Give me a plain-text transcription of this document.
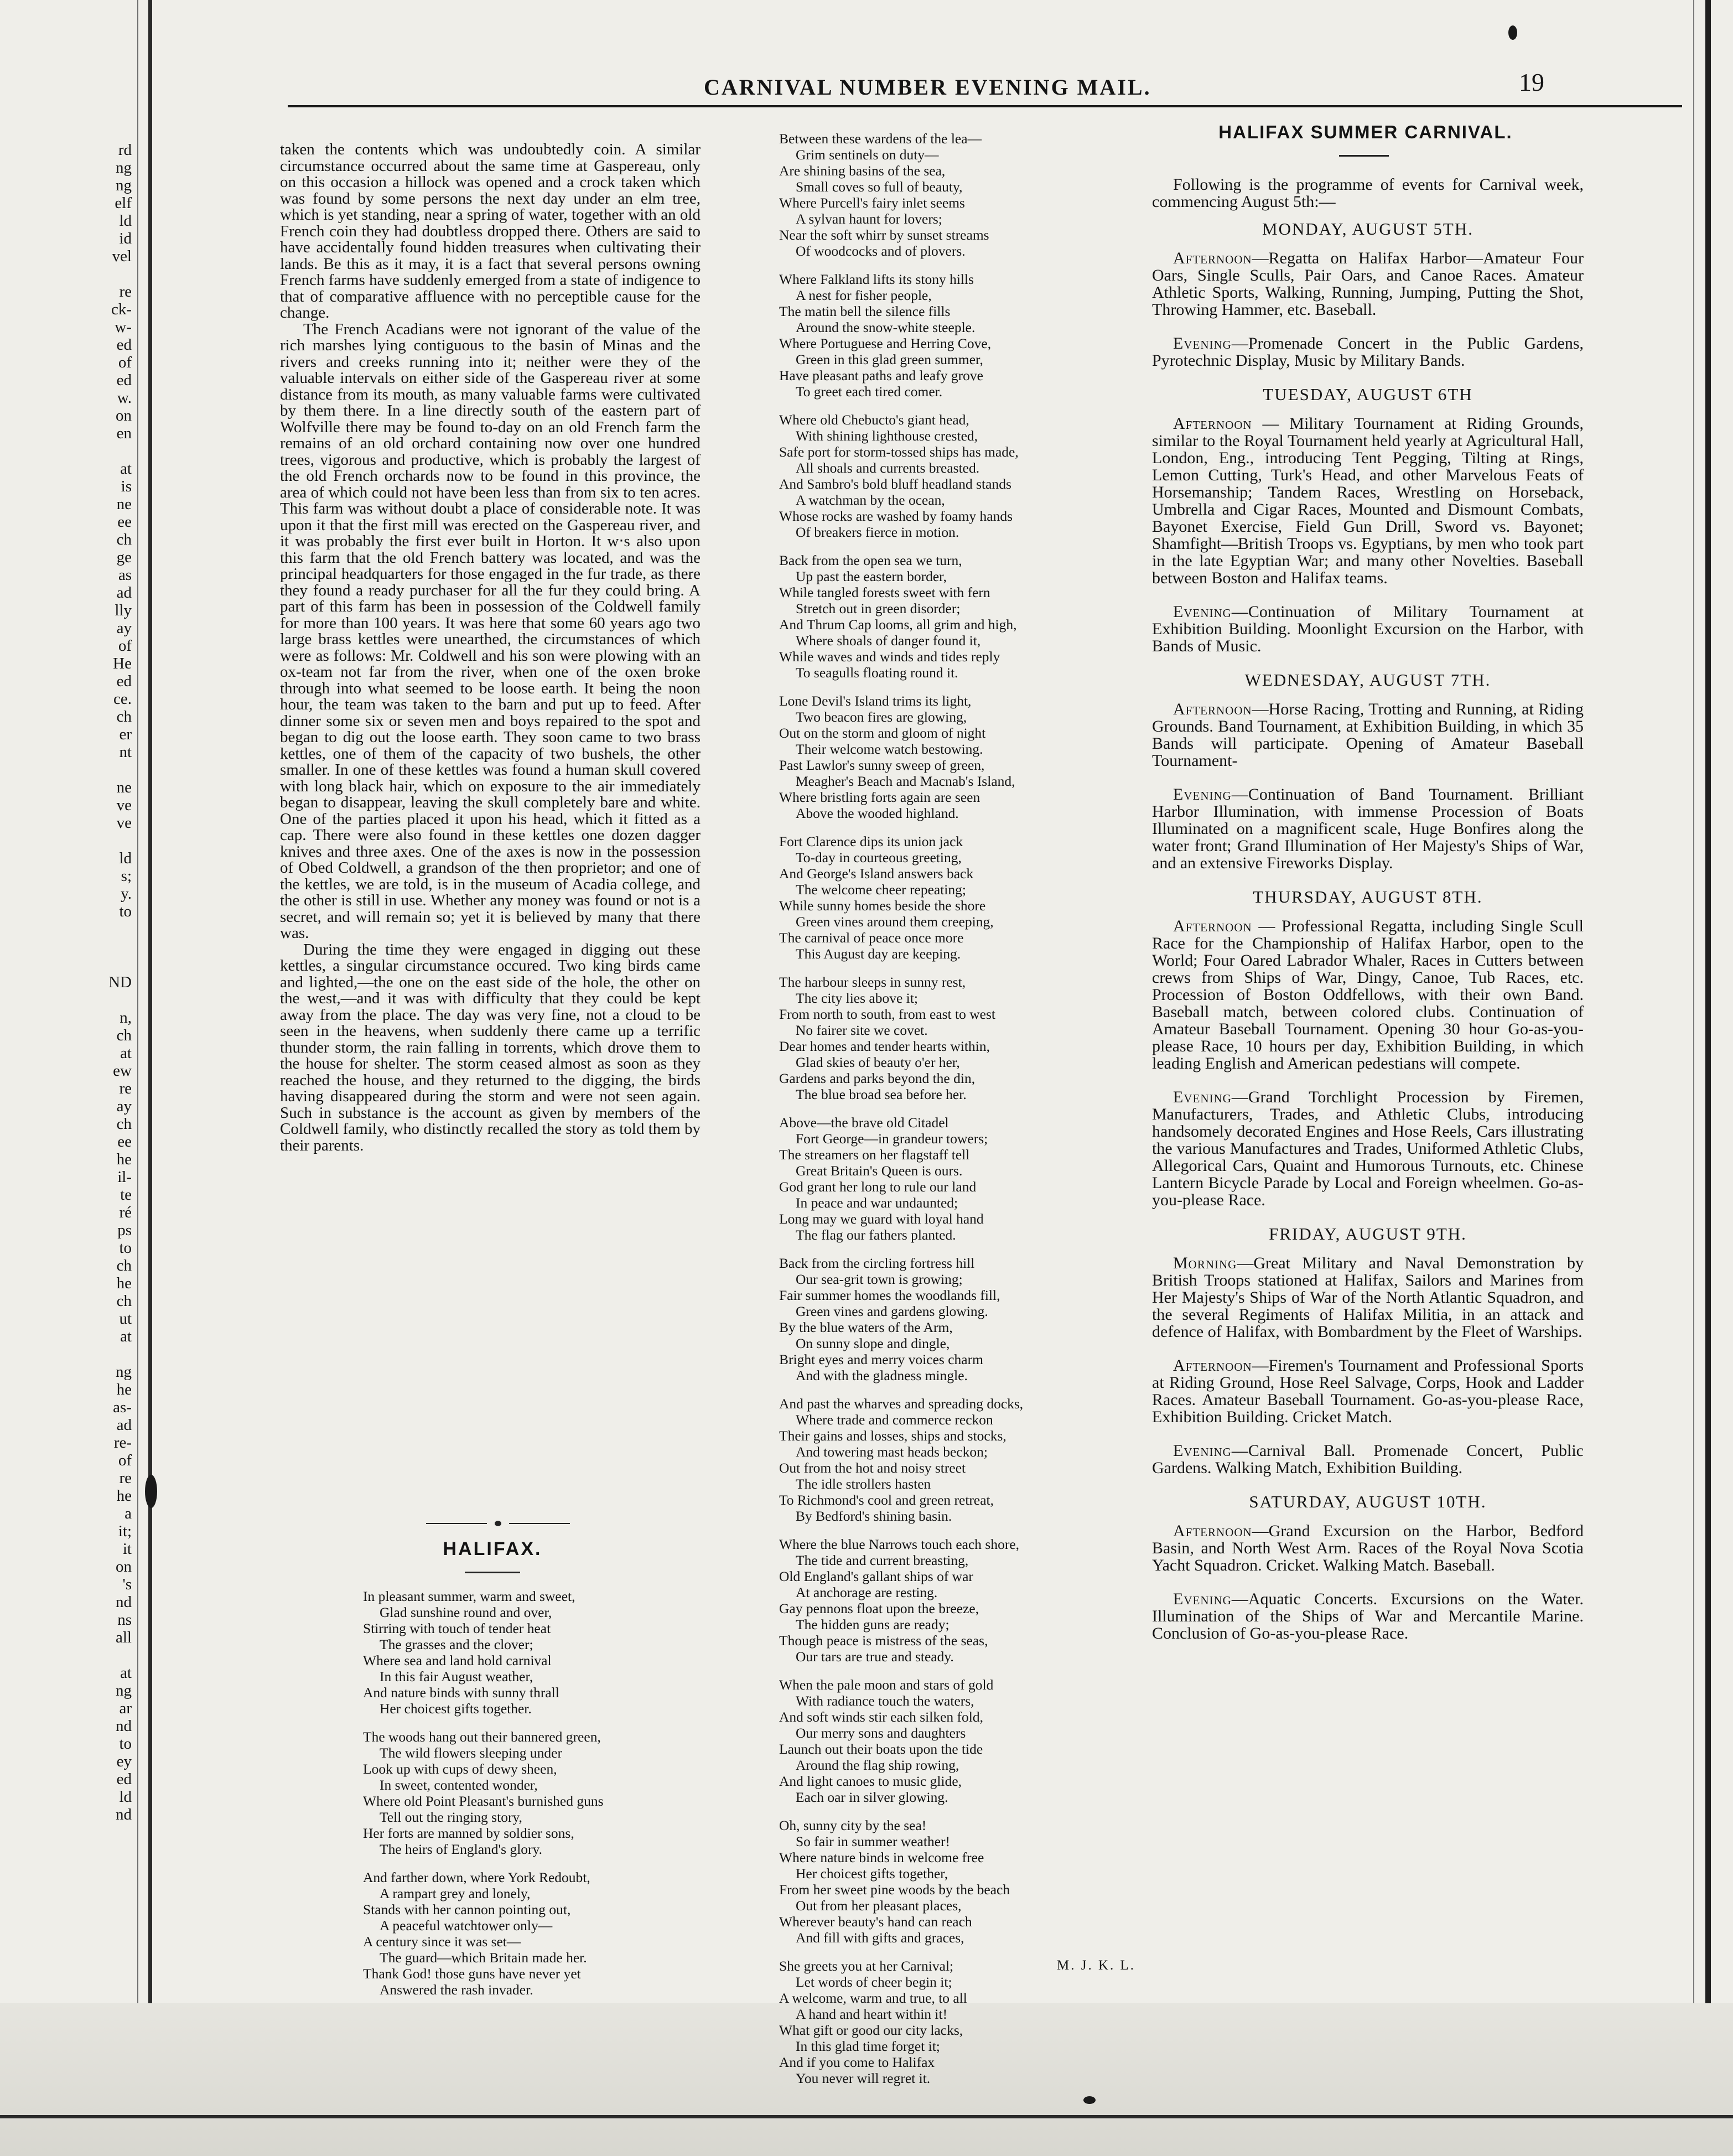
rd
ng
ng
elf
ld
id
vel
re
ck-
w-
ed
of
ed
w.
on
en
at
is
ne
ee
ch
ge
as
ad
lly
ay
of
He
ed
ce.
ch
er
nt
ne
ve
ve
ld
s;
y.
to
ND
n,
ch
at
ew
re
ay
ch
ee
he
il-
te
ré
ps
to
ch
he
ch
ut
at
ng
he
as-
ad
re-
of
re
he
a
it;
it
on
's
nd
ns
all
at
ng
ar
nd
to
ey
ed
ld
nd
CARNIVAL NUMBER EVENING MAIL.	19

taken the contents which was undoubtedly coin. A similar circumstance occurred about the same time at Gaspereau, only on this occasion a hillock was opened and a crock taken which was found by some persons the next day under an elm tree, which is yet standing, near a spring of water, together with an old French coin they had doubtless dropped there. Others are said to have accidentally found hidden treasures when cultivating their lands. Be this as it may, it is a fact that several persons owning French farms have suddenly emerged from a state of indigence to that of comparative affluence with no perceptible cause for the change.

The French Acadians were not ignorant of the value of the rich marshes lying contiguous to the basin of Minas and the rivers and creeks running into it; neither were they of the valuable intervals on either side of the Gaspereau river at some distance from its mouth, as many valuable farms were cultivated by them there. In a line directly south of the eastern part of Wolfville there may be found to-day on an old French farm the remains of an old orchard containing now over one hundred trees, vigorous and productive, which is probably the largest of the old French orchards now to be found in this province, the area of which could not have been less than from six to ten acres. This farm was without doubt a place of considerable note. It was upon it that the first mill was erected on the Gaspereau river, and it was probably the first ever built in Horton. It w⋅s also upon this farm that the old French battery was located, and was the principal headquarters for those engaged in the fur trade, as there they found a ready purchaser for all the fur they could bring. A part of this farm has been in possession of the Coldwell family for more than 100 years. It was here that some 60 years ago two large brass kettles were unearthed, the circumstances of which were as follows: Mr. Coldwell and his son were plowing with an ox-team not far from the river, when one of the oxen broke through into what seemed to be loose earth. It being the noon hour, the team was taken to the barn and put up to feed. After dinner some six or seven men and boys repaired to the spot and began to dig out the loose earth. They soon came to two brass kettles, one of them of the capacity of two bushels, the other smaller. In one of these kettles was found a human skull covered with long black hair, which on exposure to the air immediately began to disappear, leaving the skull completely bare and white. One of the parties placed it upon his head, which it fitted as a cap. There were also found in these kettles one dozen dagger knives and three axes. One of the axes is now in the possession of Obed Coldwell, a grandson of the then proprietor; and one of the kettles, we are told, is in the museum of Acadia college, and the other is still in use. Whether any money was found or not is a secret, and will remain so; yet it is believed by many that there was.

During the time they were engaged in digging out these kettles, a singular circumstance occured. Two king birds came and lighted,—the one on the east side of the hole, the other on the west,—and it was with difficulty that they could be kept away from the place. The day was very fine, not a cloud to be seen in the heavens, when suddenly there came up a terrific thunder storm, the rain falling in torrents, which drove them to the house for shelter. The storm ceased almost as soon as they reached the house, and they returned to the digging, the birds having disappeared during the storm and were not seen again. Such in substance is the account as given by members of the Coldwell family, who distinctly recalled the story as told them by their parents.

HALIFAX.
In pleasant summer, warm and sweet,
Glad sunshine round and over,
Stirring with touch of tender heat
The grasses and the clover;
Where sea and land hold carnival
In this fair August weather,
And nature binds with sunny thrall
Her choicest gifts together.
The woods hang out their bannered green,
The wild flowers sleeping under
Look up with cups of dewy sheen,
In sweet, contented wonder,
Where old Point Pleasant's burnished guns
Tell out the ringing story,
Her forts are manned by soldier sons,
The heirs of England's glory.
And farther down, where York Redoubt,
A rampart grey and lonely,
Stands with her cannon pointing out,
A peaceful watchtower only—
A century since it was set—
The guard—which Britain made her.
Thank God! those guns have never yet
Answered the rash invader.
Between these wardens of the lea—
Grim sentinels on duty—
Are shining basins of the sea,
Small coves so full of beauty,
Where Purcell's fairy inlet seems
A sylvan haunt for lovers;
Near the soft whirr by sunset streams
Of woodcocks and of plovers.
Where Falkland lifts its stony hills
A nest for fisher people,
The matin bell the silence fills
Around the snow-white steeple.
Where Portuguese and Herring Cove,
Green in this glad green summer,
Have pleasant paths and leafy grove
To greet each tired comer.
Where old Chebucto's giant head,
With shining lighthouse crested,
Safe port for storm-tossed ships has made,
All shoals and currents breasted.
And Sambro's bold bluff headland stands
A watchman by the ocean,
Whose rocks are washed by foamy hands
Of breakers fierce in motion.
Back from the open sea we turn,
Up past the eastern border,
While tangled forests sweet with fern
Stretch out in green disorder;
And Thrum Cap looms, all grim and high,
Where shoals of danger found it,
While waves and winds and tides reply
To seagulls floating round it.
Lone Devil's Island trims its light,
Two beacon fires are glowing,
Out on the storm and gloom of night
Their welcome watch bestowing.
Past Lawlor's sunny sweep of green,
Meagher's Beach and Macnab's Island,
Where bristling forts again are seen
Above the wooded highland.
Fort Clarence dips its union jack
To-day in courteous greeting,
And George's Island answers back
The welcome cheer repeating;
While sunny homes beside the shore
Green vines around them creeping,
The carnival of peace once more
This August day are keeping.
The harbour sleeps in sunny rest,
The city lies above it;
From north to south, from east to west
No fairer site we covet.
Dear homes and tender hearts within,
Glad skies of beauty o'er her,
Gardens and parks beyond the din,
The blue broad sea before her.
Above—the brave old Citadel
Fort George—in grandeur towers;
The streamers on her flagstaff tell
Great Britain's Queen is ours.
God grant her long to rule our land
In peace and war undaunted;
Long may we guard with loyal hand
The flag our fathers planted.
Back from the circling fortress hill
Our sea-grit town is growing;
Fair summer homes the woodlands fill,
Green vines and gardens glowing.
By the blue waters of the Arm,
On sunny slope and dingle,
Bright eyes and merry voices charm
And with the gladness mingle.
And past the wharves and spreading docks,
Where trade and commerce reckon
Their gains and losses, ships and stocks,
And towering mast heads beckon;
Out from the hot and noisy street
The idle strollers hasten
To Richmond's cool and green retreat,
By Bedford's shining basin.
Where the blue Narrows touch each shore,
The tide and current breasting,
Old England's gallant ships of war
At anchorage are resting.
Gay pennons float upon the breeze,
The hidden guns are ready;
Though peace is mistress of the seas,
Our tars are true and steady.
When the pale moon and stars of gold
With radiance touch the waters,
And soft winds stir each silken fold,
Our merry sons and daughters
Launch out their boats upon the tide
Around the flag ship rowing,
And light canoes to music glide,
Each oar in silver glowing.
Oh, sunny city by the sea!
So fair in summer weather!
Where nature binds in welcome free
Her choicest gifts together,
From her sweet pine woods by the beach
Out from her pleasant places,
Wherever beauty's hand can reach
And fill with gifts and graces,
She greets you at her Carnival;
Let words of cheer begin it;
A welcome, warm and true, to all
A hand and heart within it!
What gift or good our city lacks,
In this glad time forget it;
And if you come to Halifax
You never will regret it.
M. J. K. L.
HALIFAX SUMMER CARNIVAL.

Following is the programme of events for Carnival week, commencing August 5th:—

MONDAY, AUGUST 5TH.

Afternoon—Regatta on Halifax Harbor—Amateur Four Oars, Single Sculls, Pair Oars, and Canoe Races. Amateur Athletic Sports, Walking, Running, Jumping, Putting the Shot, Throwing Hammer, etc. Baseball.

Evening—Promenade Concert in the Public Gardens, Pyrotechnic Display, Music by Military Bands.

TUESDAY, AUGUST 6TH

Afternoon — Military Tournament at Riding Grounds, similar to the Royal Tournament held yearly at Agricultural Hall, London, Eng., introducing Tent Pegging, Tilting at Rings, Lemon Cutting, Turk's Head, and other Marvelous Feats of Horsemanship; Tandem Races, Wrestling on Horseback, Umbrella and Cigar Races, Mounted and Dismount Combats, Bayonet Exercise, Field Gun Drill, Sword vs. Bayonet; Shamfight—British Troops vs. Egyptians, by men who took part in the late Egyptian War; and many other Novelties. Baseball between Boston and Halifax teams.

Evening—Continuation of Military Tournament at Exhibition Building. Moonlight Excursion on the Harbor, with Bands of Music.

WEDNESDAY, AUGUST 7TH.

Afternoon—Horse Racing, Trotting and Running, at Riding Grounds. Band Tournament, at Exhibition Building, in which 35 Bands will participate. Opening of Amateur Baseball Tournament-

Evening—Continuation of Band Tournament. Brilliant Harbor Illumination, with immense Procession of Boats Illuminated on a magnificent scale, Huge Bonfires along the water front; Grand Illumination of Her Majesty's Ships of War, and an extensive Fireworks Display.

THURSDAY, AUGUST 8TH.

Afternoon — Professional Regatta, including Single Scull Race for the Championship of Halifax Harbor, open to the World; Four Oared Labrador Whaler, Races in Cutters between crews from Ships of War, Dingy, Canoe, Tub Races, etc. Procession of Boston Oddfellows, with their own Band. Baseball match, between colored clubs. Continuation of Amateur Baseball Tournament. Opening 30 hour Go-as-you-please Race, 10 hours per day, Exhibition Building, in which leading English and American pedestians will compete.

Evening—Grand Torchlight Procession by Firemen, Manufacturers, Trades, and Athletic Clubs, introducing handsomely decorated Engines and Hose Reels, Cars illustrating the various Manufactures and Trades, Uniformed Athletic Clubs, Allegorical Cars, Quaint and Humorous Turnouts, etc. Chinese Lantern Bicycle Parade by Local and Foreign wheelmen. Go-as-you-please Race.

FRIDAY, AUGUST 9TH.

Morning—Great Military and Naval Demonstration by British Troops stationed at Halifax, Sailors and Marines from Her Majesty's Ships of War of the North Atlantic Squadron, and the several Regiments of Halifax Militia, in an attack and defence of Halifax, with Bombardment by the Fleet of Warships.

Afternoon—Firemen's Tournament and Professional Sports at Riding Ground, Hose Reel Salvage, Corps, Hook and Ladder Races. Amateur Baseball Tournament. Go-as-you-please Race, Exhibition Building. Cricket Match.

Evening—Carnival Ball. Promenade Concert, Public Gardens. Walking Match, Exhibition Building.

SATURDAY, AUGUST 10TH.

Afternoon—Grand Excursion on the Harbor, Bedford Basin, and North West Arm. Races of the Royal Nova Scotia Yacht Squadron. Cricket. Walking Match. Baseball.

Evening—Aquatic Concerts. Excursions on the Water. Illumination of the Ships of War and Mercantile Marine. Conclusion of Go-as-you-please Race.
